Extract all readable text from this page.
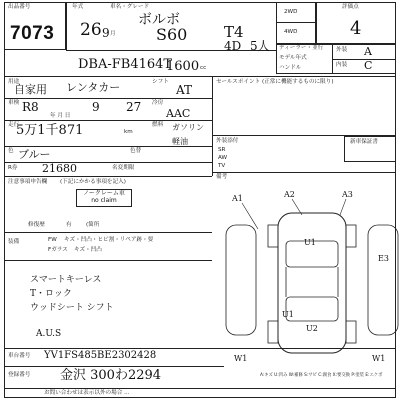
出品番号
7073
年式	車名・グレード
26 9 月
ボルボ
S60 T4
2WD
4WD
評価点
4
DBA-FB4164T
1600 cc
4D 5人 ディーラー・並行
モデル年式
ハンドル
外装 A
内装 C
用途
自家用 レンタカー	シフト
AT
車検 R8	9 27
年 月 日
冷房
AAC
走行
5万1千871	km
燃料 ガソリン
軽油
色 ブルー	色替
R券 21680	名変期限
セールスポイント (正常に機能するものに限り)
外装添付	新車保証書
SR
AW
TV
備考
注意事項申告欄 (下記にかかる事項を記入)
ノークレーム車
no claim
修復歴	有	(箇所
装備	FW キズ・凹凸・ヒビ割・リペア跡・要
Fガラス キズ・凹凸
スマートキーレス
T・ロック
ウッドシート シフト
A.U.S
A2	A3
A1
U1
U1
U2
E3
W1	W1
A:キズ U:凹み W:補修 S:サビ C:腐食 X:要交換 P:塗装 E:エクボ
車台番号 YV1FS485BE2302428
登録番号 金沢 300わ2294
お問い合わせは表示以外の場合 ...
